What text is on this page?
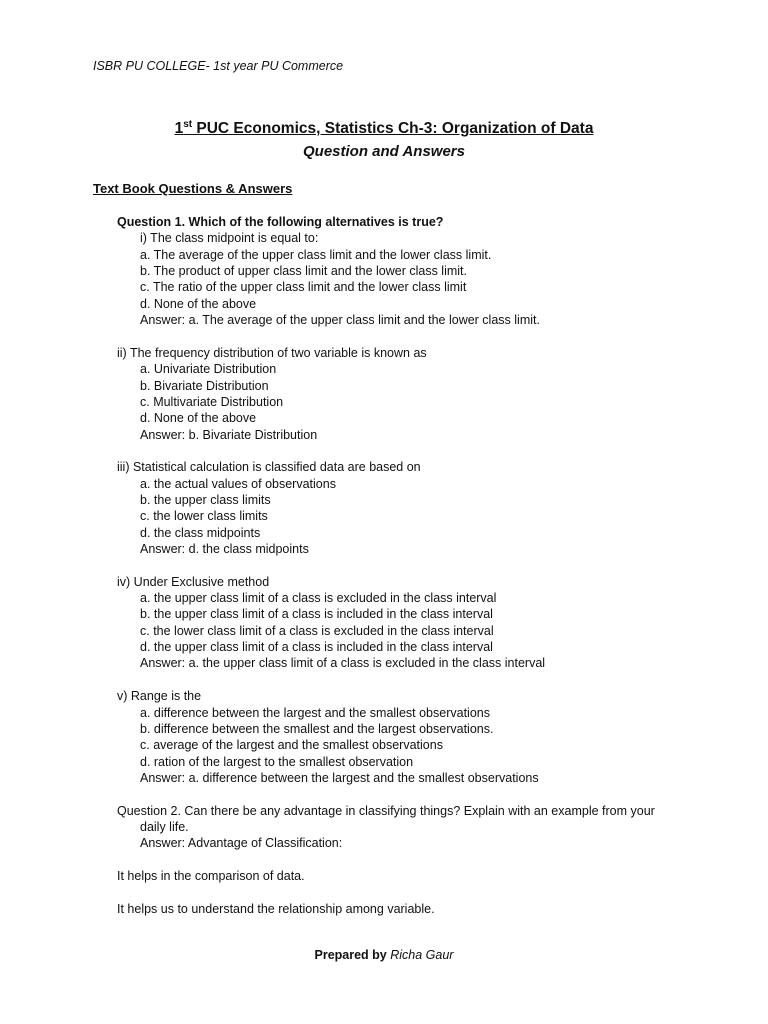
ISBR PU COLLEGE- 1st year PU Commerce
1st PUC Economics, Statistics Ch-3: Organization of Data
Question and Answers
Text Book Questions & Answers
Question 1. Which of the following alternatives is true?
i) The class midpoint is equal to:
a. The average of the upper class limit and the lower class limit.
b. The product of upper class limit and the lower class limit.
c. The ratio of the upper class limit and the lower class limit
d. None of the above
Answer: a. The average of the upper class limit and the lower class limit.
ii) The frequency distribution of two variable is known as
a. Univariate Distribution
b. Bivariate Distribution
c. Multivariate Distribution
d. None of the above
Answer: b. Bivariate Distribution
iii) Statistical calculation is classified data are based on
a. the actual values of observations
b. the upper class limits
c. the lower class limits
d. the class midpoints
Answer: d. the class midpoints
iv) Under Exclusive method
a. the upper class limit of a class is excluded in the class interval
b. the upper class limit of a class is included in the class interval
c. the lower class limit of a class is excluded in the class interval
d. the upper class limit of a class is included in the class interval
Answer: a. the upper class limit of a class is excluded in the class interval
v) Range is the
a. difference between the largest and the smallest observations
b. difference between the smallest and the largest observations.
c. average of the largest and the smallest observations
d. ration of the largest to the smallest observation
Answer: a. difference between the largest and the smallest observations
Question 2. Can there be any advantage in classifying things? Explain with an example from your
daily life.
Answer: Advantage of Classification:
It helps in the comparison of data.
It helps us to understand the relationship among variable.
Prepared by Richa Gaur
